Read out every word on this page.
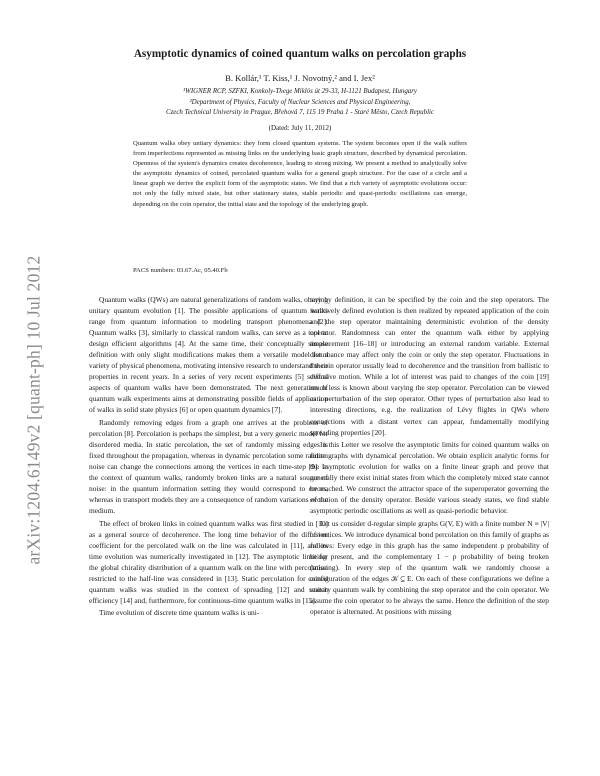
arXiv:1204.6149v2 [quant-ph] 10 Jul 2012
Asymptotic dynamics of coined quantum walks on percolation graphs
B. Kollár,¹ T. Kiss,¹ J. Novotný,² and I. Jex²
¹WIGNER RCP, SZFKI, Konkoly-Thege Miklós út 29-33, H-1121 Budapest, Hungary
²Department of Physics, Faculty of Nuclear Sciences and Physical Engineering,
Czech Technical University in Prague, Břehová 7, 115 19 Praha 1 - Staré Město, Czech Republic
(Dated: July 11, 2012)
Quantum walks obey unitary dynamics: they form closed quantum systems. The system becomes open if the walk suffers from imperfections represented as missing links on the underlying basic graph structure, described by dynamical percolation. Openness of the system's dynamics creates decoherence, leading to strong mixing. We present a method to analytically solve the asymptotic dynamics of coined, percolated quantum walks for a general graph structure. For the case of a circle and a linear graph we derive the explicit form of the asymptotic states. We find that a rich variety of asymptotic evolutions occur: not only the fully mixed state, but other stationary states, stable periodic and quasi-periodic oscillations can emerge, depending on the coin operator, the initial state and the topology of the underlying graph.
PACS numbers: 03.67.Ac, 05.40.Fb

Quantum walks (QWs) are natural generalizations of random walks, obeying unitary quantum evolution [1]. The possible applications of quantum walks range from quantum information to modeling transport phenomena [2]. Quantum walks [3], similarly to classical random walks, can serve as a tool to design efficient algorithms [4]. At the same time, their conceptually simple definition with only slight modifications makes them a versatile model for a variety of physical phenomena, motivating intensive research to understand their properties in recent years. In a series of very recent experiments [5] several aspects of quantum walks have been demonstrated. The next generation of quantum walk experiments aims at demonstrating possible fields of application of walks in solid state physics [6] or open quantum dynamics [7].

Randomly removing edges from a graph one arrives at the problem of percolation [8]. Percolation is perhaps the simplest, but a very generic model for disordered media. In static percolation, the set of randomly missing edges is fixed throughout the propagation, whereas in dynamic percolation some random noise can change the connections among the vertices in each time-step [9]. In the context of quantum walks, randomly broken links are a natural source of noise: in the quantum information setting they would correspond to errors, whereas in transport models they are a consequence of random variations of the medium.

The effect of broken links in coined quantum walks was first studied in [10] as a general source of decoherence. The long time behavior of the diffusion coefficient for the percolated walk on the line was calculated in [11], and its time evolution was numerically investigated in [12]. The asymptotic limit for the global chirality distribution of a quantum walk on the line with percolation restricted to the half-line was considered in [13]. Static percolation for coined quantum walks was studied in the context of spreading [12] and search efficiency [14] and, furthermore, for continuous-time quantum walks in [15].

Time evolution of discrete time quantum walks is uni-

tary by definition, it can be specified by the coin and the step operators. The iteratively defined evolution is then realized by repeated application of the coin and the step operator maintaining deterministic evolution of the density operator. Randomness can enter the quantum walk either by applying measurement [16–18] or introducing an external random variable. External disturbance may affect only the coin or only the step operator. Fluctuations in the coin operator usually lead to decoherence and the transition from ballistic to diffusive motion. While a lot of interest was paid to changes of the coin [19] much less is known about varying the step operator. Percolation can be viewed as a perturbation of the step operator. Other types of perturbation also lead to interesting directions, e.g. the realization of Lévy flights in QWs where connections with a distant vertex can appear, fundamentally modifying spreading properties [20].

In this Letter we resolve the asymptotic limits for coined quantum walks on finite graphs with dynamical percolation. We obtain explicit analytic forms for the asymptotic evolution for walks on a finite linear graph and prove that generally there exist initial states from which the completely mixed state cannot be reached. We construct the attractor space of the superoperator governing the evolution of the density operator. Beside various steady states, we find stable asymptotic periodic oscillations as well as quasi-periodic behavior.

Let us consider d-regular simple graphs G(V, E) with a finite number N ≡ |V| of vertices. We introduce dynamical bond percolation on this family of graphs as follows: Every edge in this graph has the same independent p probability of being present, and the complementary 1 − p probability of being broken (missing). In every step of the quantum walk we randomly choose a configuration of the edges 𝒦 ⊆ E. On each of these configurations we define a unitary quantum walk by combining the step operator and the coin operator. We assume the coin operator to be always the same. Hence the definition of the step operator is alternated. At positions with missing
